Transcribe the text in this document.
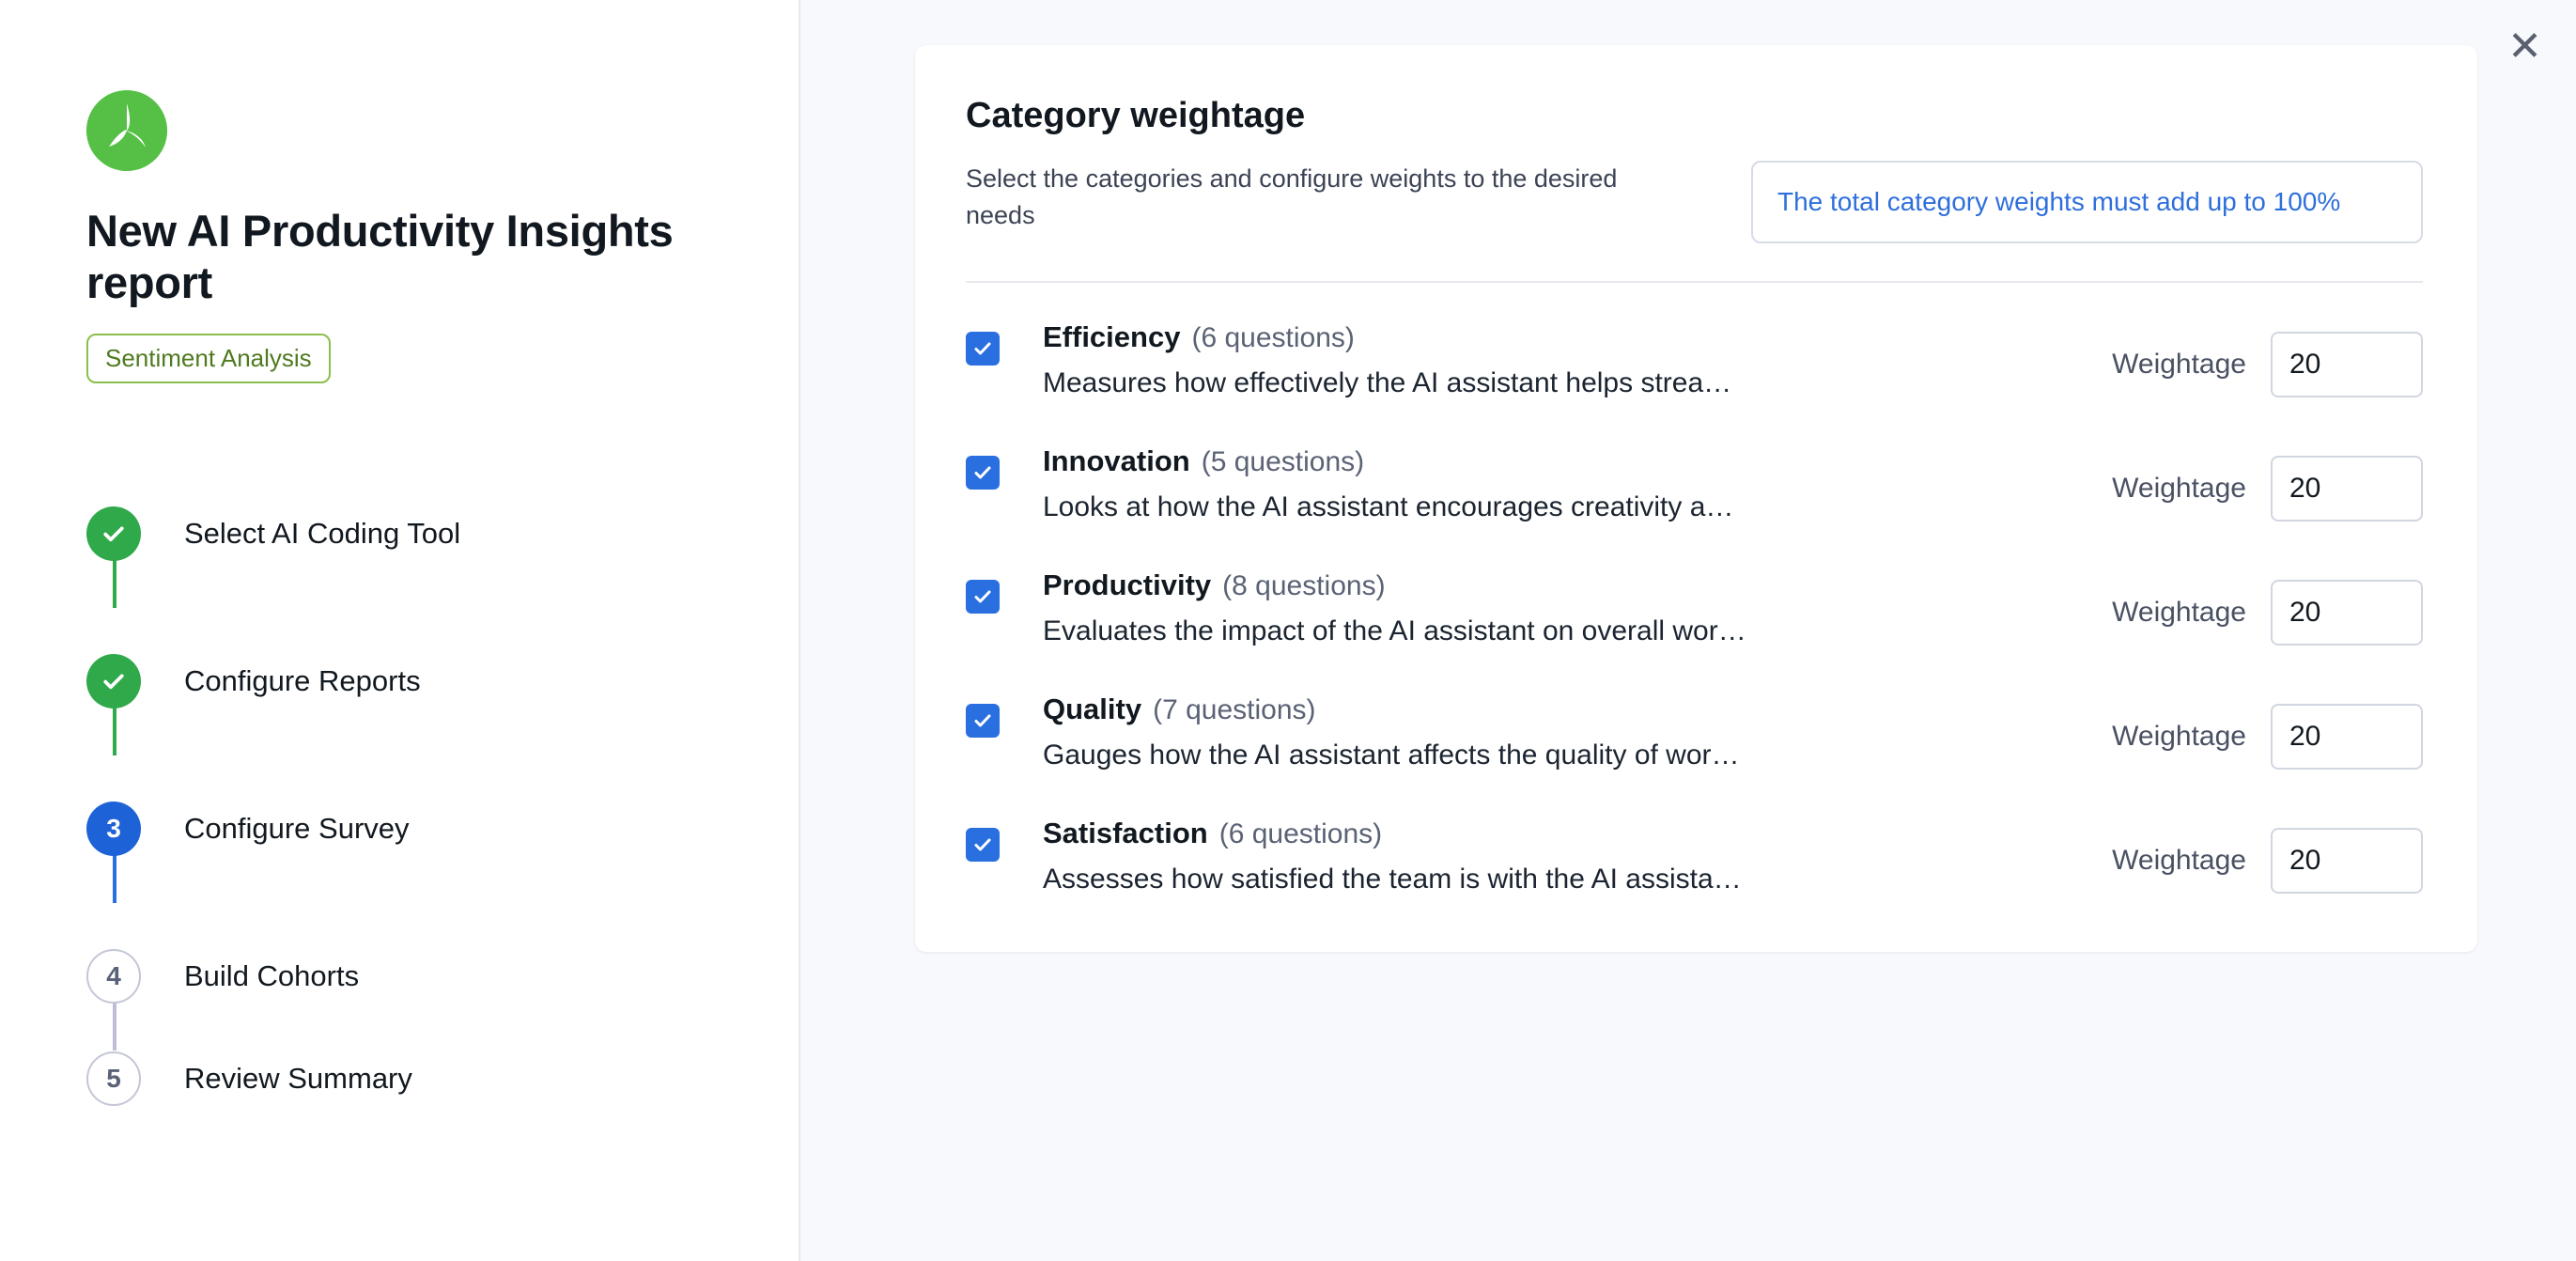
New AI Productivity Insights report
Sentiment Analysis
Select AI Coding Tool
Configure Reports
3	Configure Survey
4	Build Cohorts
5	Review Summary
✕
Category weightage

Select the categories and configure weights to the desired needs	The total category weights must add up to 100%
Efficiency (6 questions)
Measures how effectively the AI assistant helps strea…
Weightage
20
Innovation (5 questions)
Looks at how the AI assistant encourages creativity a…
Weightage
20
Productivity (8 questions)
Evaluates the impact of the AI assistant on overall wor…
Weightage
20
Quality (7 questions)
Gauges how the AI assistant affects the quality of wor…
Weightage
20
Satisfaction (6 questions)
Assesses how satisfied the team is with the AI assista…
Weightage
20
